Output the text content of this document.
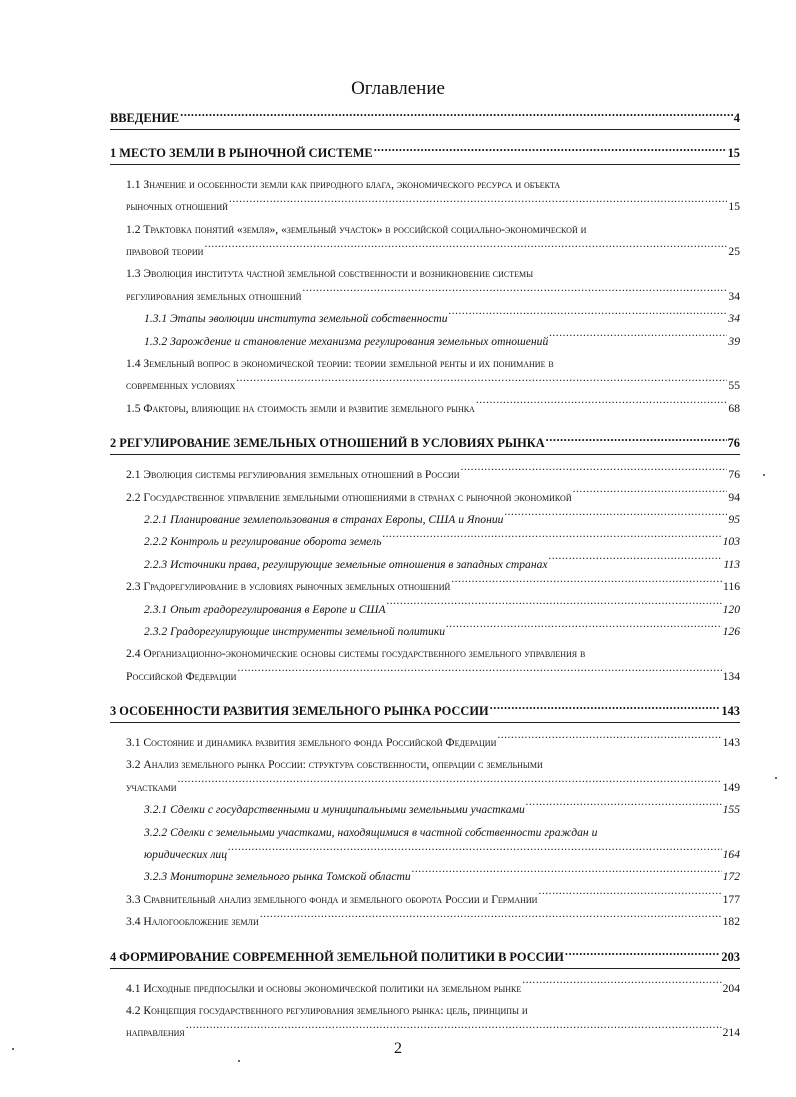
Оглавление
ВВЕДЕНИЕ .....	4
1 МЕСТО ЗЕМЛИ В РЫНОЧНОЙ СИСТЕМЕ .....	15
1.1 Значение и особенности земли как природного блага, экономического ресурса и объекта
рыночных отношений .....	15
1.2 Трактовка понятий «земля», «земельный участок» в российской социально-экономической и
правовой теории .....	25
1.3 Эволюция института частной земельной собственности и возникновение системы
регулирования земельных отношений .....	34
1.3.1 Этапы эволюции института земельной собственности .....	34
1.3.2 Зарождение и становление механизма регулирования земельных отношений .....	39
1.4 Земельный вопрос в экономической теории: теории земельной ренты и их понимание в
современных условиях .....	55
1.5 Факторы, влияющие на стоимость земли и развитие земельного рынка .....	68
2 РЕГУЛИРОВАНИЕ ЗЕМЕЛЬНЫХ ОТНОШЕНИЙ В УСЛОВИЯХ РЫНКА .....	76
2.1 Эволюция системы регулирования земельных отношений в России .....	76
2.2 Государственное управление земельными отношениями в странах с рыночной экономикой .....	94
2.2.1 Планирование землепользования в странах Европы, США и Японии .....	95
2.2.2 Контроль и регулирование оборота земель .....	103
2.2.3 Источники права, регулирующие земельные отношения в западных странах .....	113
2.3 Градорегулирование в условиях рыночных земельных отношений .....	116
2.3.1 Опыт градорегулирования в Европе и США .....	120
2.3.2 Градорегулирующие инструменты земельной политики .....	126
2.4 Организационно-экономические основы системы государственного земельного управления в
Российской Федерации .....	134
3 ОСОБЕННОСТИ РАЗВИТИЯ ЗЕМЕЛЬНОГО РЫНКА РОССИИ .....	143
3.1 Состояние и динамика развития земельного фонда Российской Федерации .....	143
3.2 Анализ земельного рынка России: структура собственности, операции с земельными
участками .....	149
3.2.1 Сделки с государственными и муниципальными земельными участками .....	155
3.2.2 Сделки с земельными участками, находящимися в частной собственности граждан и
юридических лиц .....	164
3.2.3 Мониторинг земельного рынка Томской области .....	172
3.3 Сравнительный анализ земельного фонда и земельного оборота России и Германии .....	177
3.4 Налогообложение земли .....	182
4 ФОРМИРОВАНИЕ СОВРЕМЕННОЙ ЗЕМЕЛЬНОЙ ПОЛИТИКИ В РОССИИ .....	203
4.1 Исходные предпосылки и основы экономической политики на земельном рынке .....	204
4.2 Концепция государственного регулирования земельного рынка: цель, принципы и
направления .....	214
2
